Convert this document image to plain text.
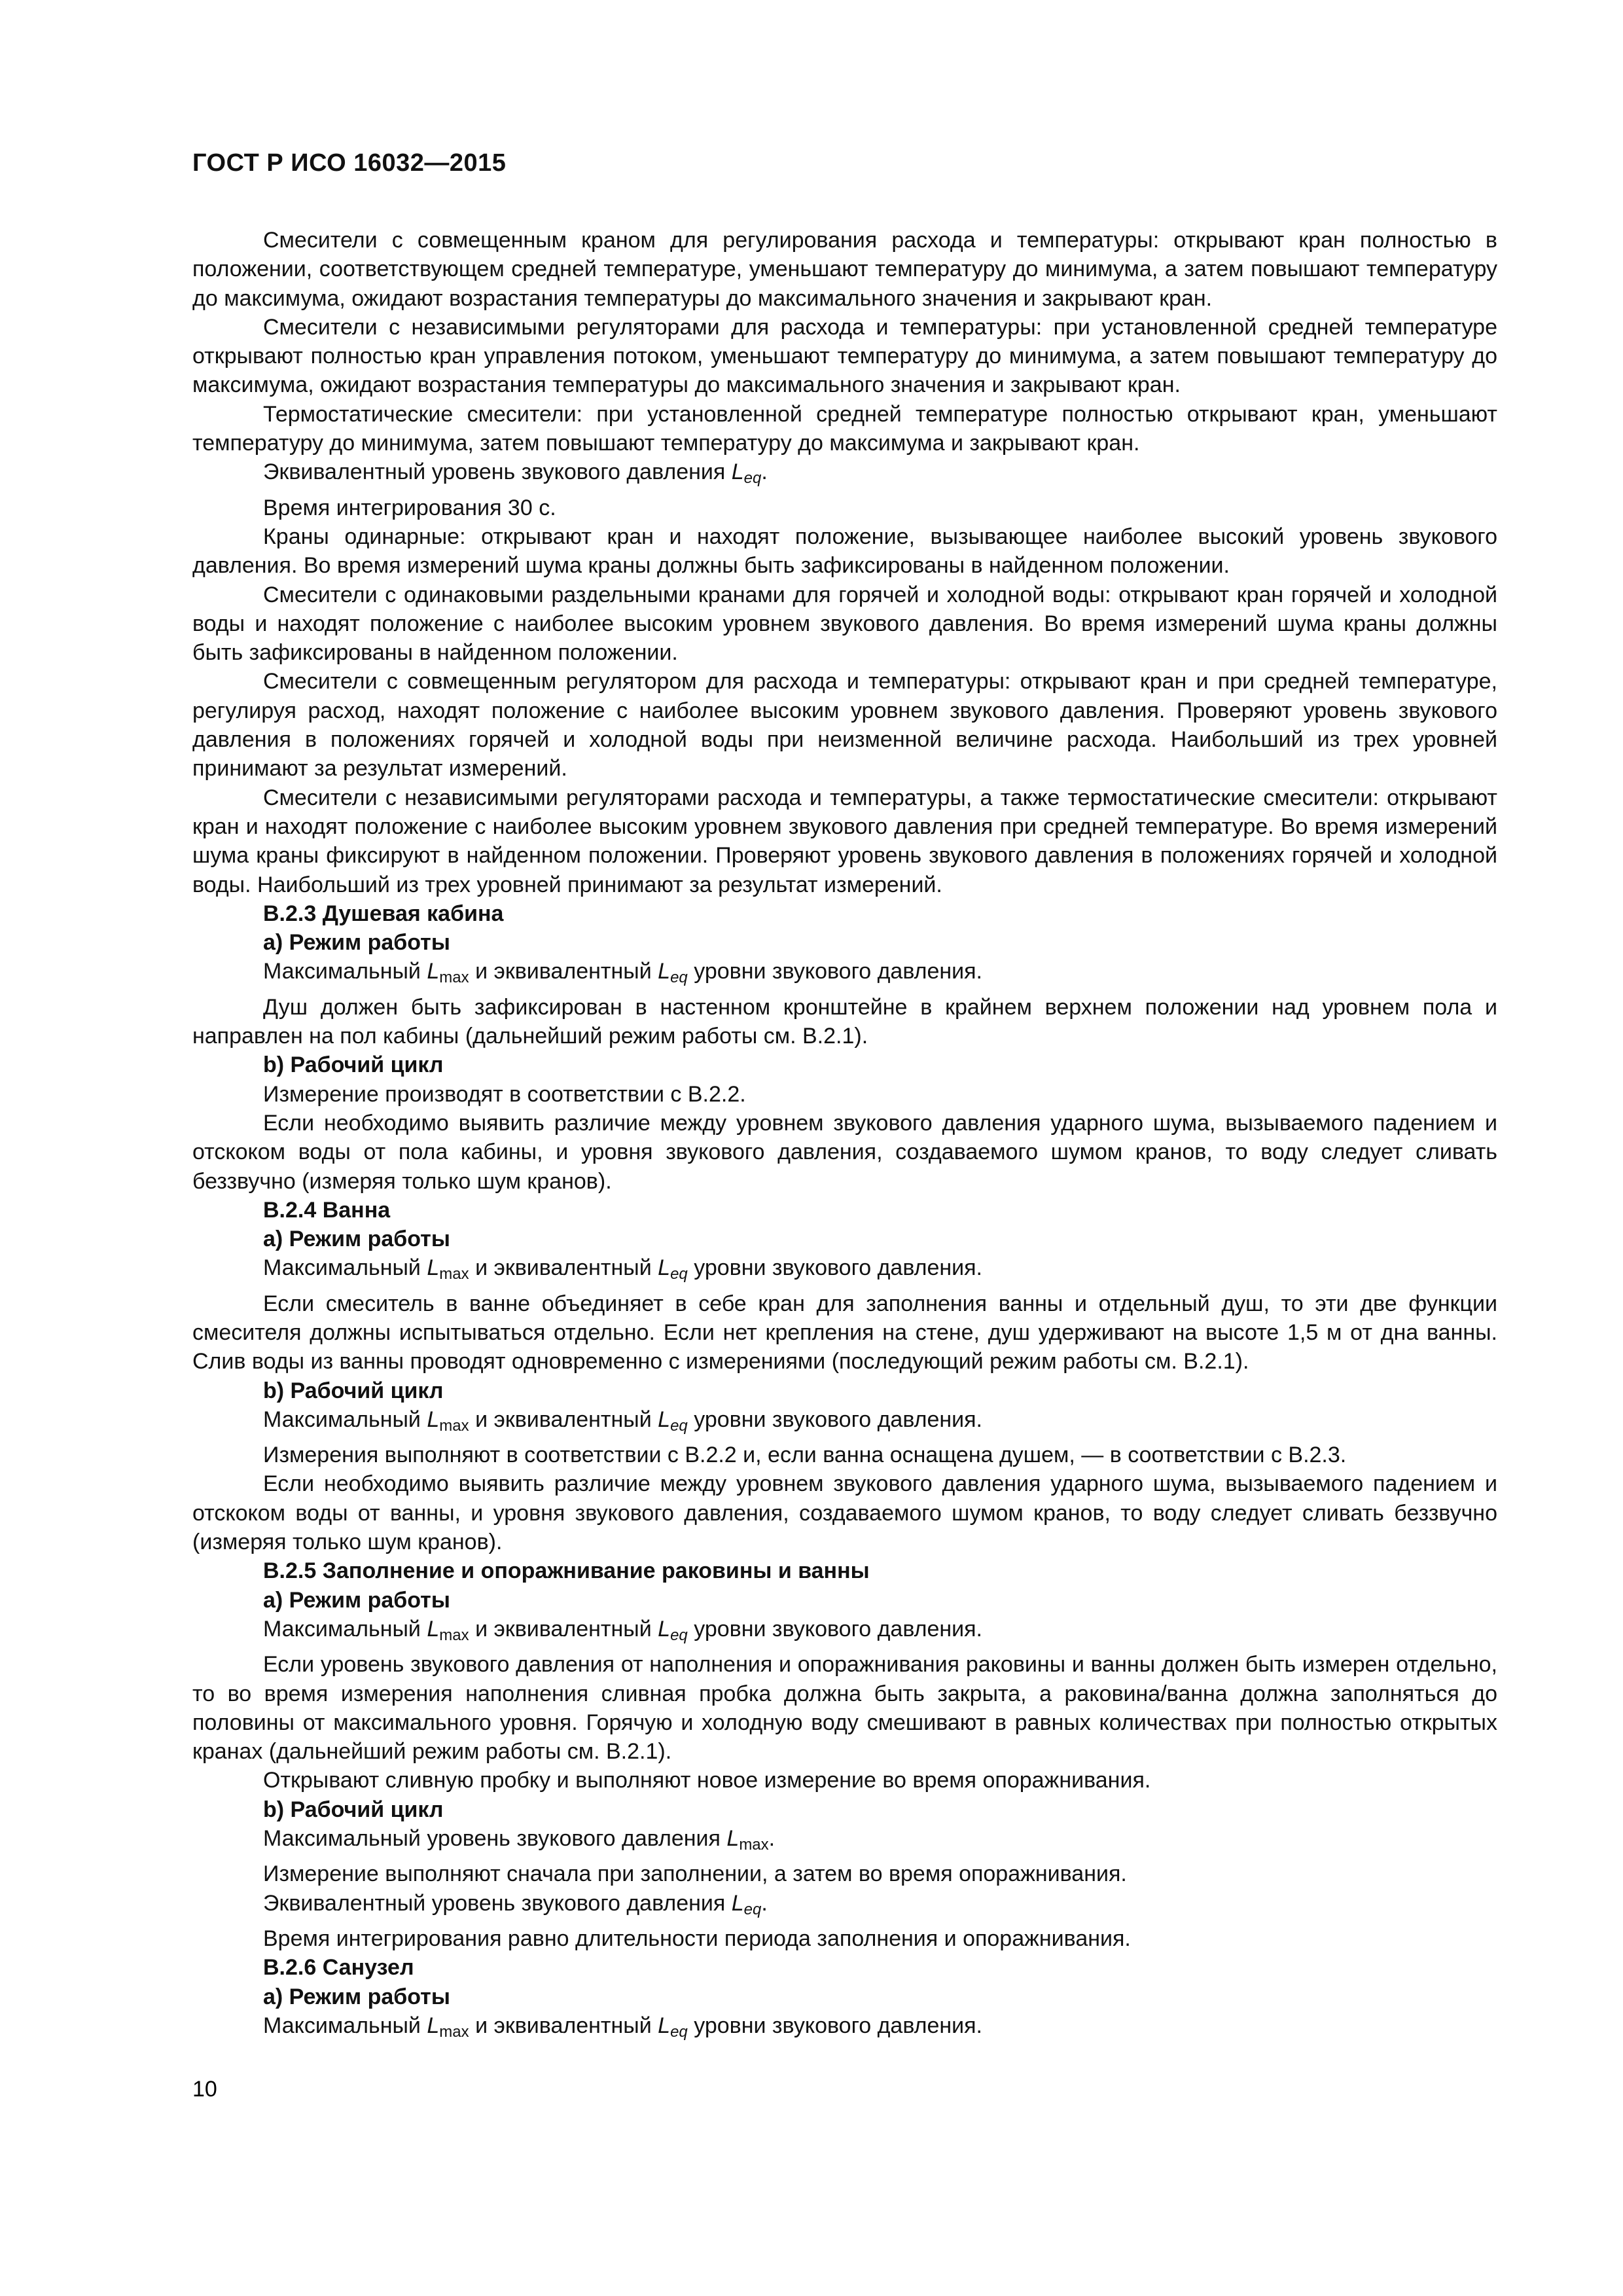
ГОСТ Р ИСО 16032—2015

Смесители с совмещенным краном для регулирования расхода и температуры: открывают кран полностью в положении, соответствующем средней температуре, уменьшают температуру до минимума, а затем повышают температуру до максимума, ожидают возрастания температуры до максимального значения и закрывают кран.

Смесители с независимыми регуляторами для расхода и температуры: при установленной средней температуре открывают полностью кран управления потоком, уменьшают температуру до минимума, а затем повышают температуру до максимума, ожидают возрастания температуры до максимального значения и закрывают кран.

Термостатические смесители: при установленной средней температуре полностью открывают кран, уменьшают температуру до минимума, затем повышают температуру до максимума и закрывают кран.

Эквивалентный уровень звукового давления $L_{eq}$.

Время интегрирования 30 с.

Краны одинарные: открывают кран и находят положение, вызывающее наиболее высокий уровень звукового давления. Во время измерений шума краны должны быть зафиксированы в найденном положении.

Смесители с одинаковыми раздельными кранами для горячей и холодной воды: открывают кран горячей и холодной воды и находят положение с наиболее высоким уровнем звукового давления. Во время измерений шума краны должны быть зафиксированы в найденном положении.

Смесители с совмещенным регулятором для расхода и температуры: открывают кран и при средней температуре, регулируя расход, находят положение с наиболее высоким уровнем звукового давления. Проверяют уровень звукового давления в положениях горячей и холодной воды при неизменной величине расхода. Наибольший из трех уровней принимают за результат измерений.

Смесители с независимыми регуляторами расхода и температуры, а также термостатические смесители: открывают кран и находят положение с наиболее высоким уровнем звукового давления при средней температуре. Во время измерений шума краны фиксируют в найденном положении. Проверяют уровень звукового давления в положениях горячей и холодной воды. Наибольший из трех уровней принимают за результат измерений.

В.2.3 Душевая кабина

а) Режим работы

Максимальный $L_{max}$ и эквивалентный $L_{eq}$ уровни звукового давления.

Душ должен быть зафиксирован в настенном кронштейне в крайнем верхнем положении над уровнем пола и направлен на пол кабины (дальнейший режим работы см. В.2.1).

b) Рабочий цикл

Измерение производят в соответствии с В.2.2.

Если необходимо выявить различие между уровнем звукового давления ударного шума, вызываемого падением и отскоком воды от пола кабины, и уровня звукового давления, создаваемого шумом кранов, то воду следует сливать беззвучно (измеряя только шум кранов).

В.2.4 Ванна

а) Режим работы

Максимальный $L_{max}$ и эквивалентный $L_{eq}$ уровни звукового давления.

Если смеситель в ванне объединяет в себе кран для заполнения ванны и отдельный душ, то эти две функции смесителя должны испытываться отдельно. Если нет крепления на стене, душ удерживают на высоте 1,5 м от дна ванны. Слив воды из ванны проводят одновременно с измерениями (последующий режим работы см. В.2.1).

b) Рабочий цикл

Максимальный $L_{max}$ и эквивалентный $L_{eq}$ уровни звукового давления.

Измерения выполняют в соответствии с В.2.2 и, если ванна оснащена душем, — в соответствии с В.2.3.

Если необходимо выявить различие между уровнем звукового давления ударного шума, вызываемого падением и отскоком воды от ванны, и уровня звукового давления, создаваемого шумом кранов, то воду следует сливать беззвучно (измеряя только шум кранов).

В.2.5 Заполнение и опоражнивание раковины и ванны

а) Режим работы

Максимальный $L_{max}$ и эквивалентный $L_{eq}$ уровни звукового давления.

Если уровень звукового давления от наполнения и опоражнивания раковины и ванны должен быть измерен отдельно, то во время измерения наполнения сливная пробка должна быть закрыта, а раковина/ванна должна заполняться до половины от максимального уровня. Горячую и холодную воду смешивают в равных количествах при полностью открытых кранах (дальнейший режим работы см. В.2.1).

Открывают сливную пробку и выполняют новое измерение во время опоражнивания.

b) Рабочий цикл

Максимальный уровень звукового давления $L_{max}$.

Измерение выполняют сначала при заполнении, а затем во время опоражнивания.

Эквивалентный уровень звукового давления $L_{eq}$.

Время интегрирования равно длительности периода заполнения и опоражнивания.

В.2.6 Санузел

а) Режим работы

Максимальный $L_{max}$ и эквивалентный $L_{eq}$ уровни звукового давления.

10
